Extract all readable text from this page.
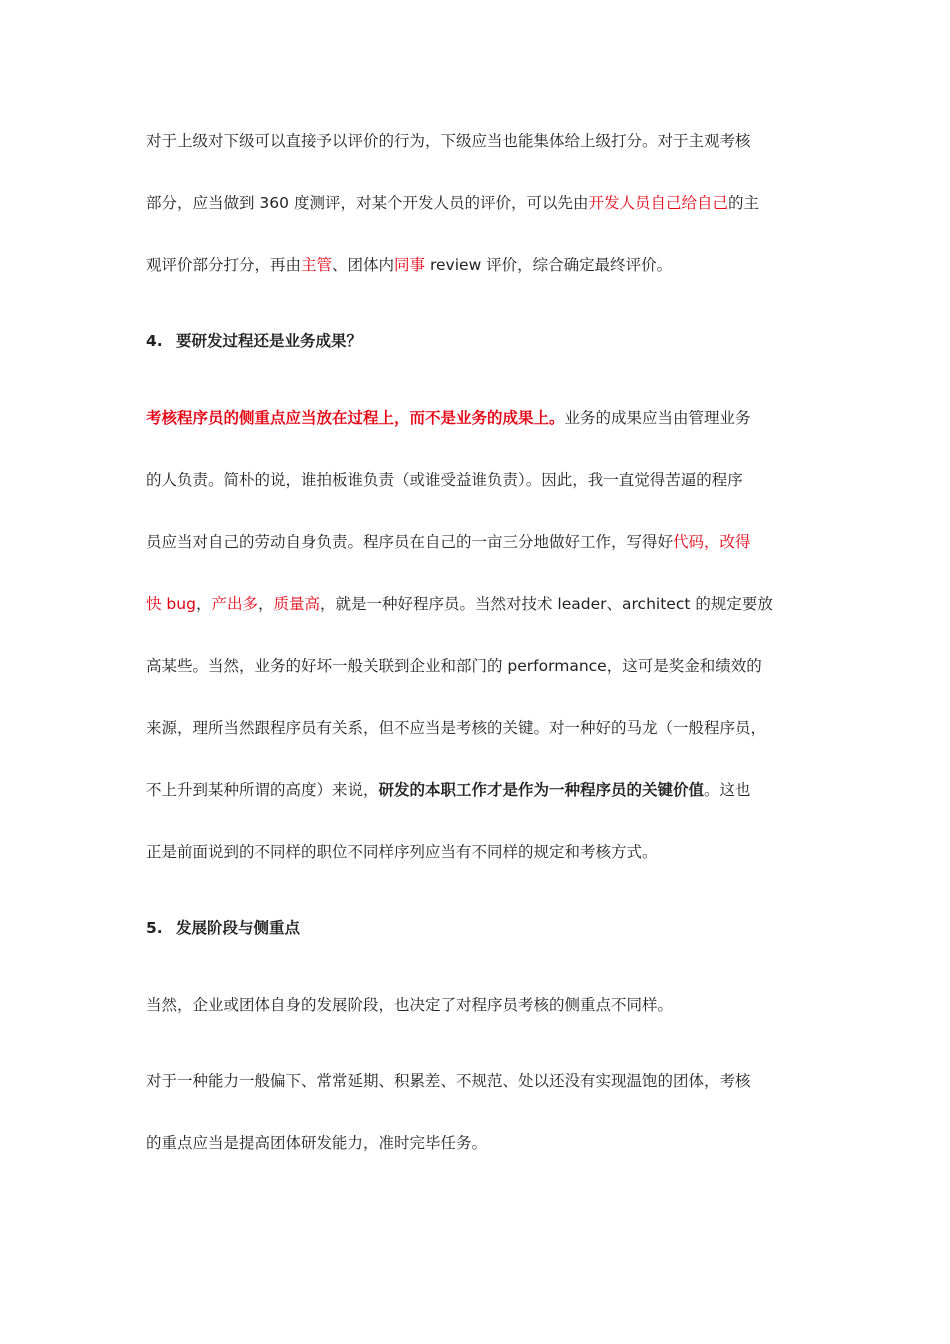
对于上级对下级可以直接予以评价的行为，下级应当也能集体给上级打分。对于主观考核
部分，应当做到 360 度测评，对某个开发人员的评价，可以先由开发人员自己给自己的主
观评价部分打分，再由主管、团体内同事 review 评价，综合确定最终评价。
4. 要研发过程还是业务成果？
考核程序员的侧重点应当放在过程上，而不是业务的成果上。业务的成果应当由管理业务
的人负责。简朴的说，谁拍板谁负责（或谁受益谁负责）。因此，我一直觉得苦逼的程序
员应当对自己的劳动自身负责。程序员在自己的一亩三分地做好工作，写得好代码，改得
快 bug，产出多，质量高，就是一种好程序员。当然对技术 leader、architect 的规定要放
高某些。当然，业务的好坏一般关联到企业和部门的 performance，这可是奖金和绩效的
来源，理所当然跟程序员有关系，但不应当是考核的关键。对一种好的马龙（一般程序员，
不上升到某种所谓的高度）来说，研发的本职工作才是作为一种程序员的关键价值。这也
正是前面说到的不同样的职位不同样序列应当有不同样的规定和考核方式。
5. 发展阶段与侧重点
当然，企业或团体自身的发展阶段，也决定了对程序员考核的侧重点不同样。
对于一种能力一般偏下、常常延期、积累差、不规范、处以还没有实现温饱的团体，考核
的重点应当是提高团体研发能力，准时完毕任务。
